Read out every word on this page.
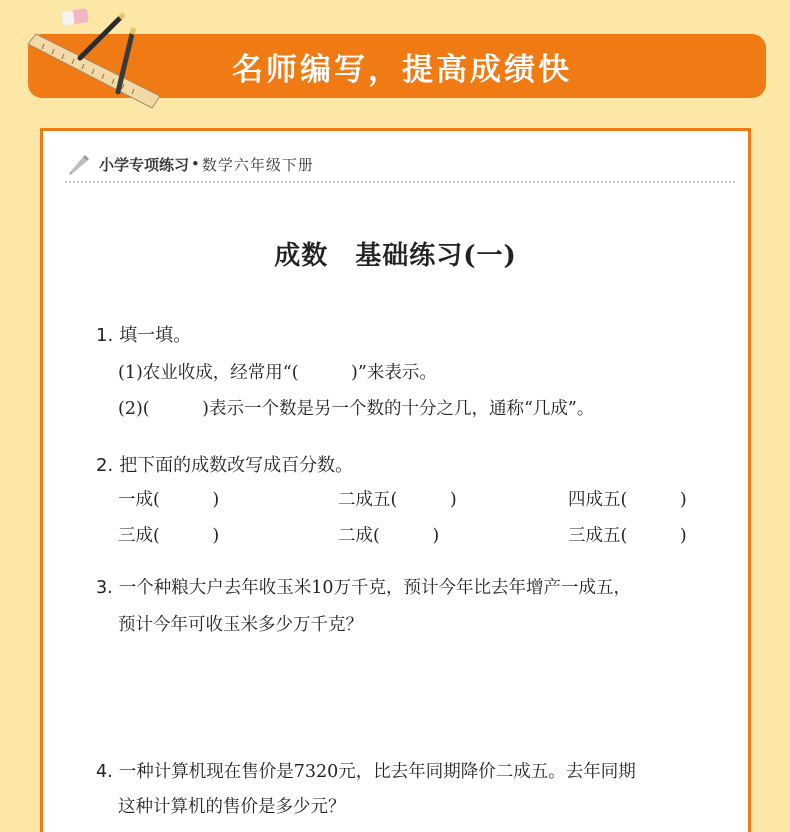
名师编写，提高成绩快
小学专项练习 • 数学六年级下册
成数　基础练习(一)
1. 填一填。
(1)农业收成，经常用“(　　　)”来表示。
(2)(　　　)表示一个数是另一个数的十分之几，通称“几成”。
2. 把下面的成数改写成百分数。
一成(　　　)	二成五(　　　)	四成五(　　　)
三成(　　　)	二成(　　　)	三成五(　　　)
3. 一个种粮大户去年收玉米10万千克，预计今年比去年增产一成五，
预计今年可收玉米多少万千克？
4. 一种计算机现在售价是7320元，比去年同期降价二成五。去年同期
这种计算机的售价是多少元？
